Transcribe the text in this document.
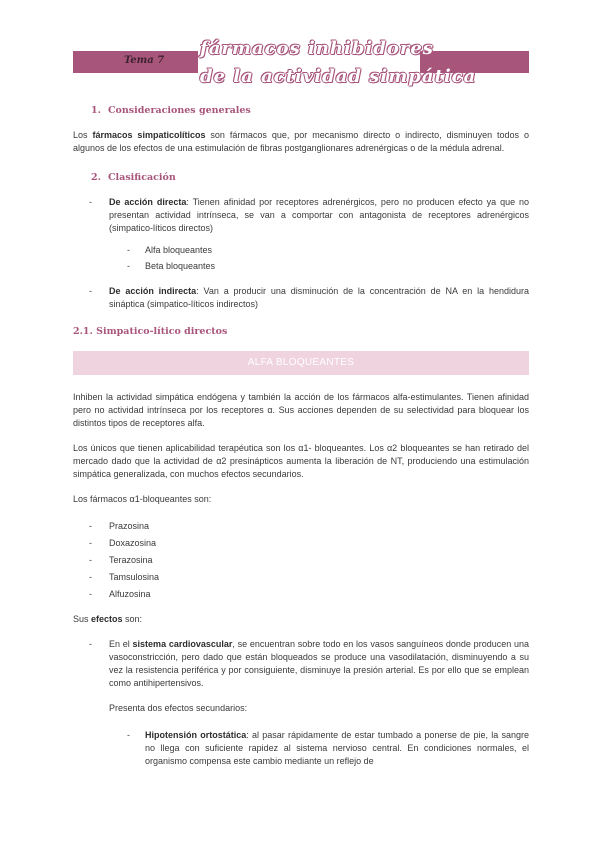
Tema 7
fármacos inhibidores
de la actividad simpática
1. Consideraciones generales

Los fármacos simpaticolíticos son fármacos que, por mecanismo directo o indirecto, disminuyen todos o algunos de los efectos de una estimulación de fibras postganglionares adrenérgicas o de la médula adrenal.

2. Clasificación
- De acción directa: Tienen afinidad por receptores adrenérgicos, pero no producen efecto ya que no presentan actividad intrínseca, se van a comportar con antagonista de receptores adrenérgicos (simpatico-líticos directos)
- Alfa bloqueantes
- Beta bloqueantes
- De acción indirecta: Van a producir una disminución de la concentración de NA en la hendidura sináptica (simpatico-líticos indirectos)
2.1. Simpatico-lítico directos
ALFA BLOQUEANTES

Inhiben la actividad simpática endógena y también la acción de los fármacos alfa-estimulantes. Tienen afinidad pero no actividad intrínseca por los receptores α. Sus acciones dependen de su selectividad para bloquear los distintos tipos de receptores alfa.

Los únicos que tienen aplicabilidad terapéutica son los α1- bloqueantes. Los α2 bloqueantes se han retirado del mercado dado que la actividad de α2 presinápticos aumenta la liberación de NT, produciendo una estimulación simpática generalizada, con muchos efectos secundarios.

Los fármacos α1-bloqueantes son:

- Prazosina
- Doxazosina
- Terazosina
- Tamsulosina
- Alfuzosina

Sus efectos son:

- En el sistema cardiovascular, se encuentran sobre todo en los vasos sanguíneos donde producen una vasoconstricción, pero dado que están bloqueados se produce una vasodilatación, disminuyendo a su vez la resistencia periférica y por consiguiente, disminuye la presión arterial. Es por ello que se emplean como antihipertensivos.

Presenta dos efectos secundarios:

- Hipotensión ortostática: al pasar rápidamente de estar tumbado a ponerse de pie, la sangre no llega con suficiente rapidez al sistema nervioso central. En condiciones normales, el organismo compensa este cambio mediante un reflejo de
